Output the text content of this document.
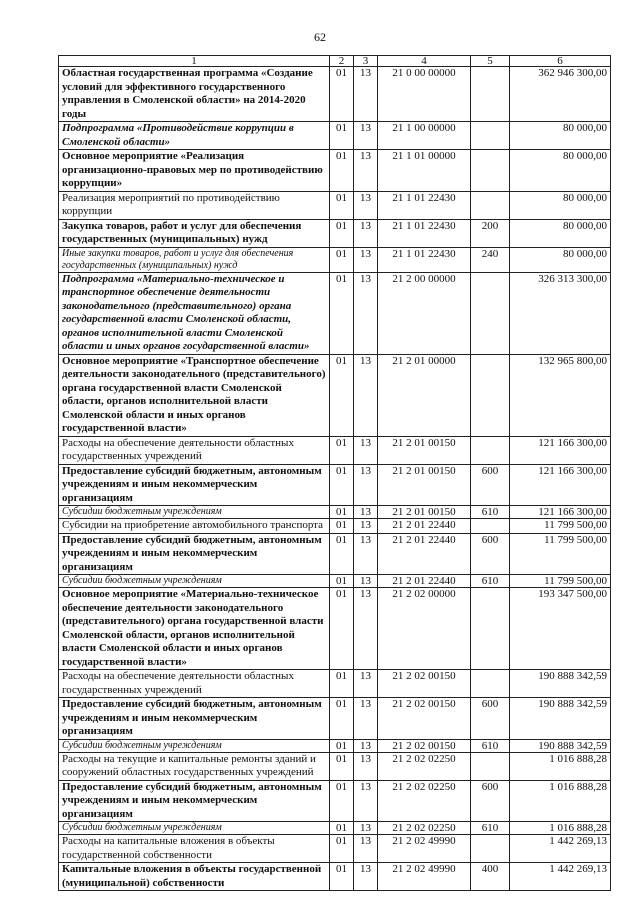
62
1	2	3	4	5	6
Областная государственная программа «Создание условий для эффективного государственного управления в Смоленской области» на 2014-2020 годы	01	13	21 0 00 00000		362 946 300,00
Подпрограмма «Противодействие коррупции в Смоленской области»	01	13	21 1 00 00000		80 000,00
Основное мероприятие «Реализация организационно-правовых мер по противодействию коррупции»	01	13	21 1 01 00000		80 000,00
Реализация мероприятий по противодействию коррупции	01	13	21 1 01 22430		80 000,00
Закупка товаров, работ и услуг для обеспечения государственных (муниципальных) нужд	01	13	21 1 01 22430	200	80 000,00
Иные закупки товаров, работ и услуг для обеспечения государственных (муниципальных) нужд	01	13	21 1 01 22430	240	80 000,00
Подпрограмма «Материально-техническое и транспортное обеспечение деятельности законодательного (представительного) органа государственной власти Смоленской области, органов исполнительной власти Смоленской области и иных органов государственной власти»	01	13	21 2 00 00000		326 313 300,00
Основное мероприятие «Транспортное обеспечение деятельности законодательного (представительного) органа государственной власти Смоленской области, органов исполнительной власти Смоленской области и иных органов государственной власти»	01	13	21 2 01 00000		132 965 800,00
Расходы на обеспечение деятельности областных государственных учреждений	01	13	21 2 01 00150		121 166 300,00
Предоставление субсидий бюджетным, автономным учреждениям и иным некоммерческим организациям	01	13	21 2 01 00150	600	121 166 300,00
Субсидии бюджетным учреждениям	01	13	21 2 01 00150	610	121 166 300,00
Субсидии на приобретение автомобильного транспорта	01	13	21 2 01 22440		11 799 500,00
Предоставление субсидий бюджетным, автономным учреждениям и иным некоммерческим организациям	01	13	21 2 01 22440	600	11 799 500,00
Субсидии бюджетным учреждениям	01	13	21 2 01 22440	610	11 799 500,00
Основное мероприятие «Материально-техническое обеспечение деятельности законодательного (представительного) органа государственной власти Смоленской области, органов исполнительной власти Смоленской области и иных органов государственной власти»	01	13	21 2 02 00000		193 347 500,00
Расходы на обеспечение деятельности областных государственных учреждений	01	13	21 2 02 00150		190 888 342,59
Предоставление субсидий бюджетным, автономным учреждениям и иным некоммерческим организациям	01	13	21 2 02 00150	600	190 888 342,59
Субсидии бюджетным учреждениям	01	13	21 2 02 00150	610	190 888 342,59
Расходы на текущие и капитальные ремонты зданий и сооружений областных государственных учреждений	01	13	21 2 02 02250		1 016 888,28
Предоставление субсидий бюджетным, автономным учреждениям и иным некоммерческим организациям	01	13	21 2 02 02250	600	1 016 888,28
Субсидии бюджетным учреждениям	01	13	21 2 02 02250	610	1 016 888,28
Расходы на капитальные вложения в объекты государственной собственности	01	13	21 2 02 49990		1 442 269,13
Капитальные вложения в объекты государственной (муниципальной) собственности	01	13	21 2 02 49990	400	1 442 269,13
